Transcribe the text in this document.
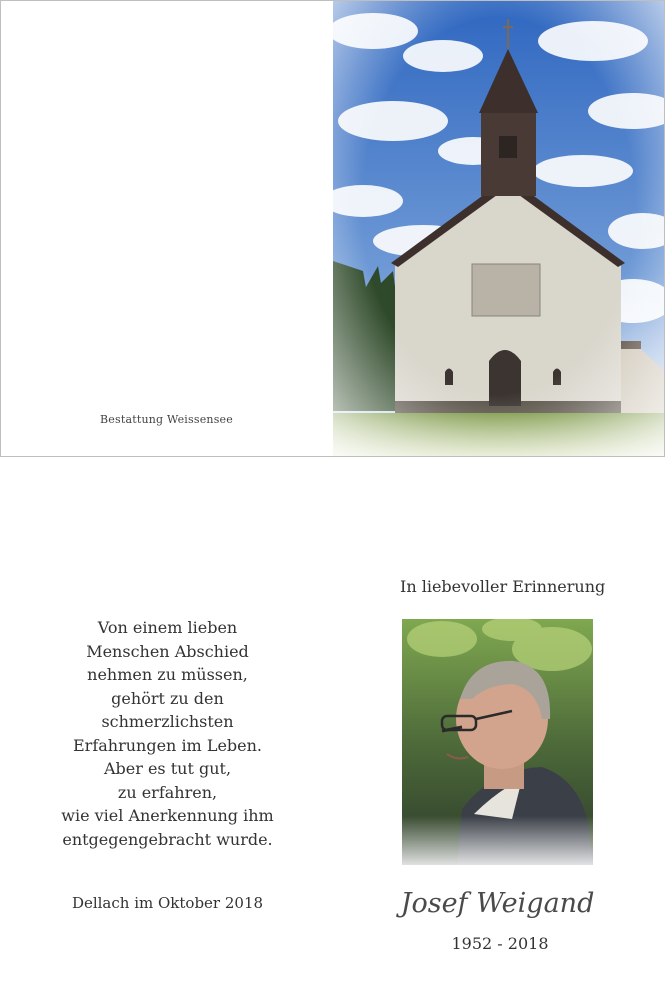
Bestattung Weissensee
In liebevoller Erinnerung
Josef Weigand
1952 - 2018
Von einem lieben
Menschen Abschied
nehmen zu müssen,
gehört zu den
schmerzlichsten
Erfahrungen im Leben.
Aber es tut gut,
zu erfahren,
wie viel Anerkennung ihm
entgegengebracht wurde.
Dellach im Oktober 2018
